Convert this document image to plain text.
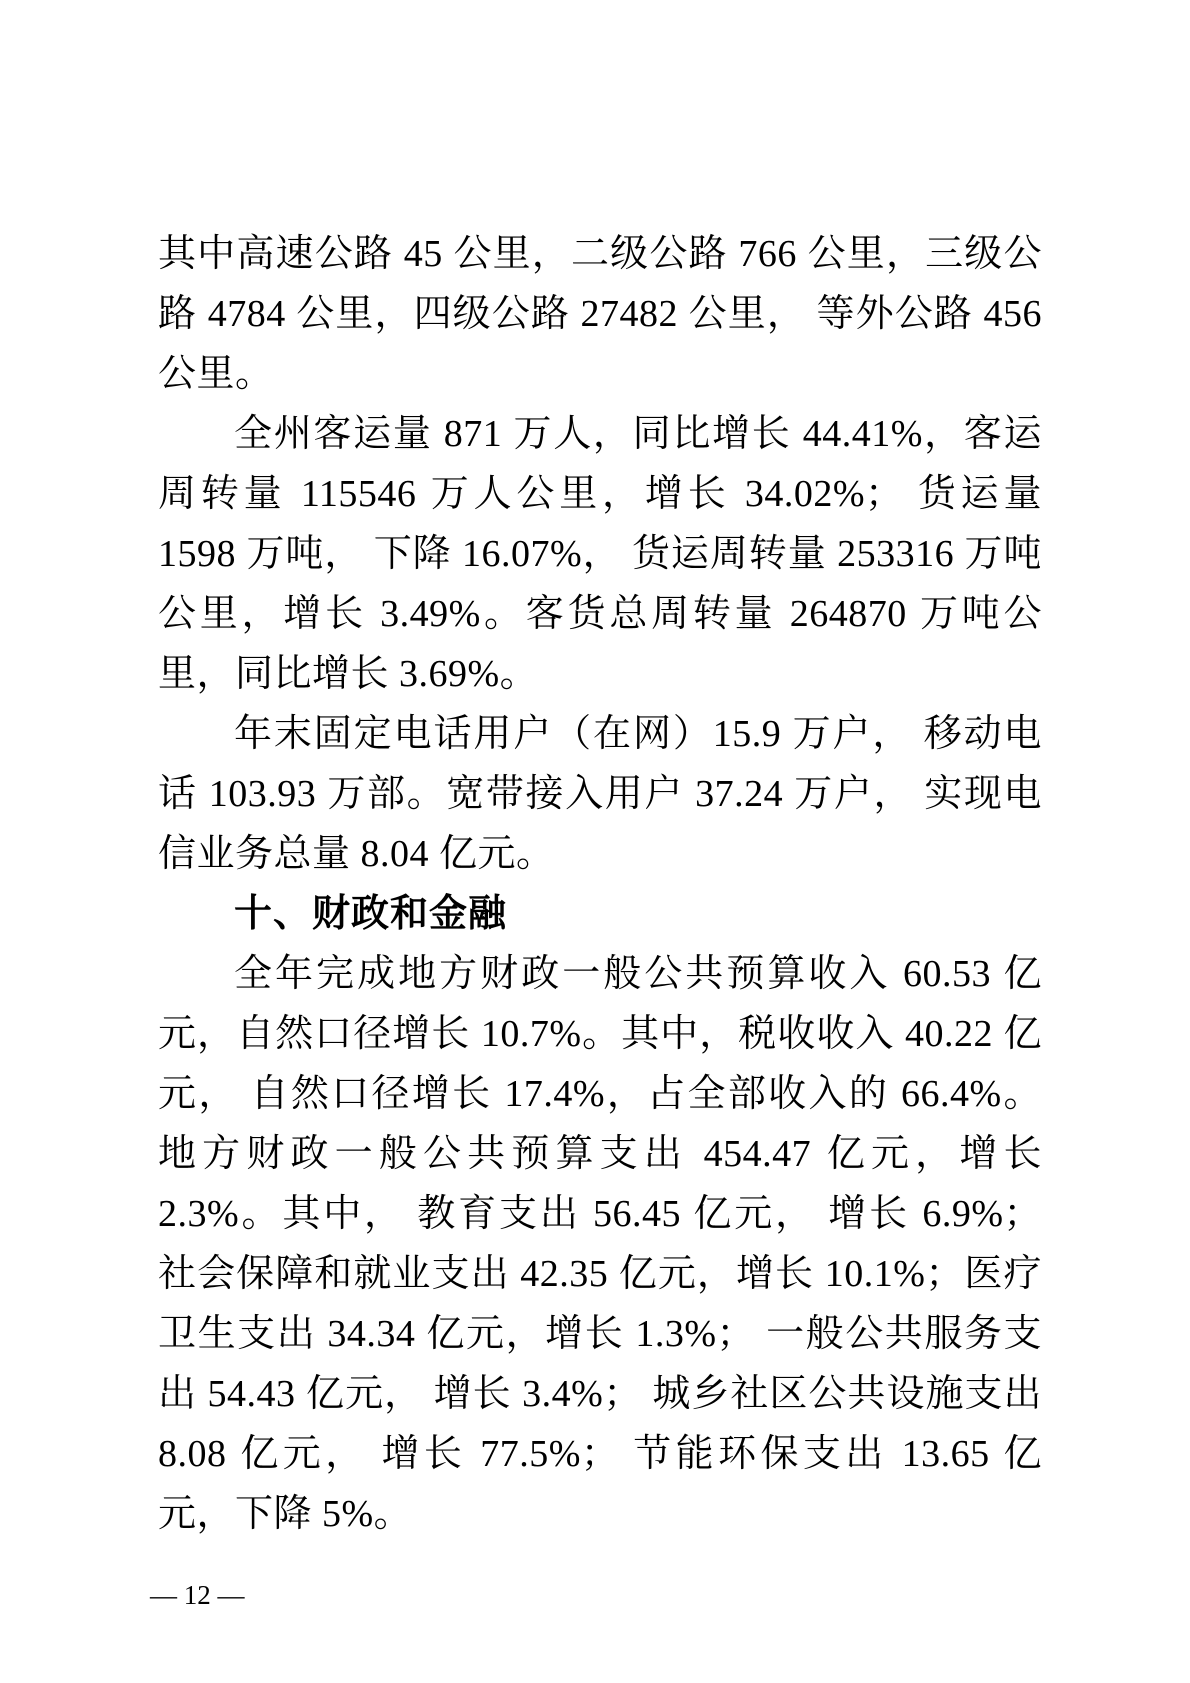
其中高速公路 45 公里，二级公路 766 公里，三级公路 4784 公里，四级公路 27482 公里， 等外公路 456 公里。

全州客运量 871 万人，同比增长 44.41%，客运周转量 115546 万人公里，增长 34.02%； 货运量 1598 万吨， 下降 16.07%， 货运周转量 253316 万吨公里，增长 3.49%。客货总周转量 264870 万吨公里，同比增长 3.69%。

年末固定电话用户（在网）15.9 万户， 移动电话 103.93 万部。宽带接入用户 37.24 万户， 实现电信业务总量 8.04 亿元。

十、财政和金融

全年完成地方财政一般公共预算收入 60.53 亿元，自然口径增长 10.7%。其中，税收收入 40.22 亿元， 自然口径增长 17.4%，占全部收入的 66.4%。地方财政一般公共预算支出 454.47 亿元，增长 2.3%。其中， 教育支出 56.45 亿元， 增长 6.9%； 社会保障和就业支出 42.35 亿元，增长 10.1%；医疗卫生支出 34.34 亿元，增长 1.3%； 一般公共服务支出 54.43 亿元， 增长 3.4%； 城乡社区公共设施支出 8.08 亿元， 增长 77.5%； 节能环保支出 13.65 亿元，下降 5%。

— 12 —
